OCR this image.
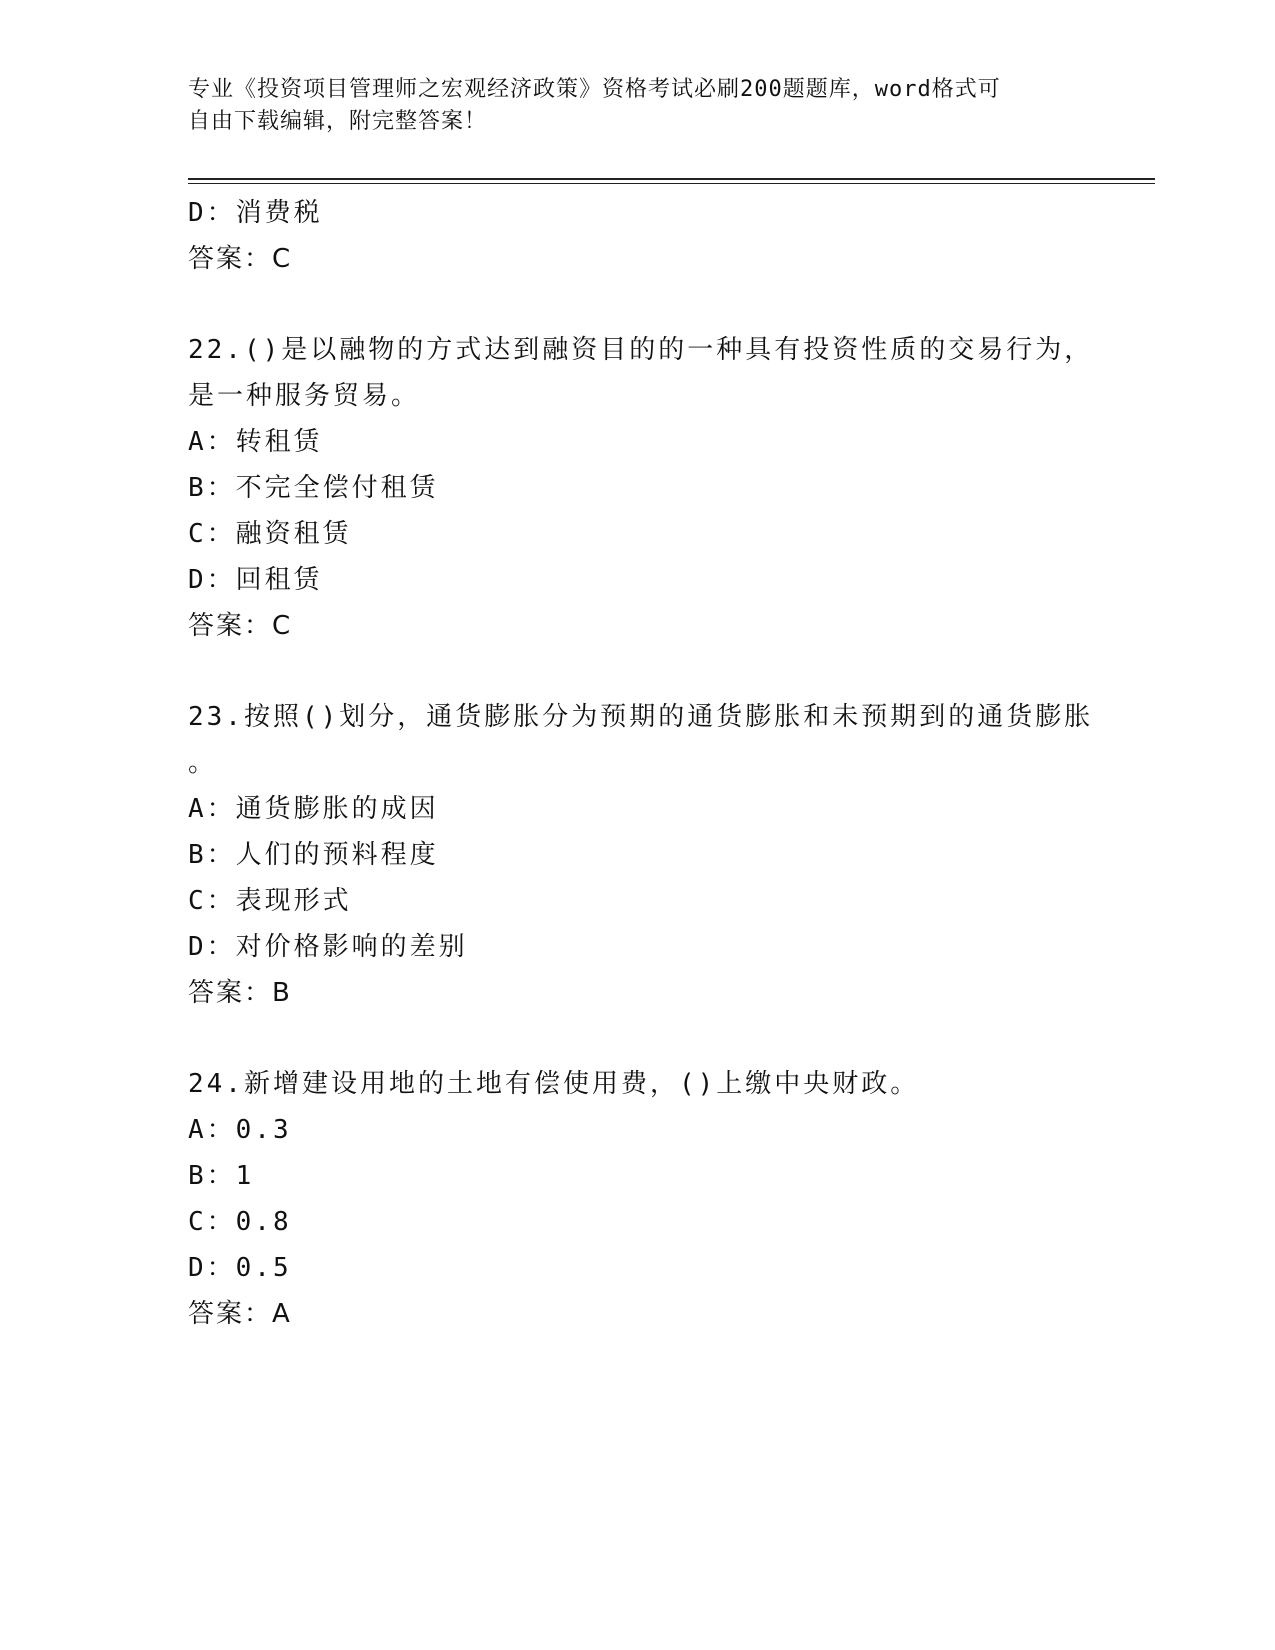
专业《投资项目管理师之宏观经济政策》资格考试必刷200题题库，word格式可
自由下载编辑，附完整答案！
D：消费税
答案：C
22.()是以融物的方式达到融资目的的一种具有投资性质的交易行为，
是一种服务贸易。
A：转租赁
B：不完全偿付租赁
C：融资租赁
D：回租赁
答案：C
23.按照()划分，通货膨胀分为预期的通货膨胀和未预期到的通货膨胀
。
A：通货膨胀的成因
B：人们的预料程度
C：表现形式
D：对价格影响的差别
答案：B
24.新增建设用地的土地有偿使用费，()上缴中央财政。
A：0.3
B：1
C：0.8
D：0.5
答案：A
